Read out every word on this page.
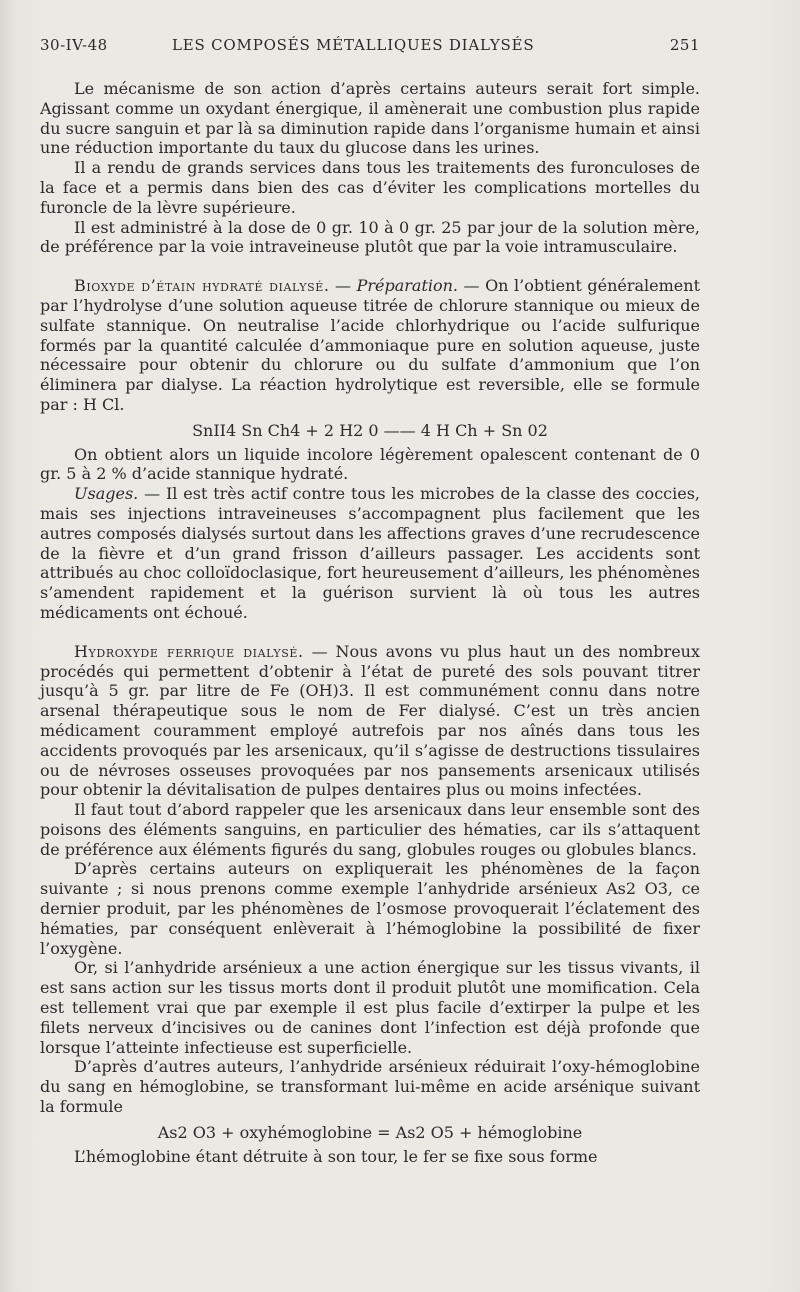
30-IV-48	LES COMPOSÉS MÉTALLIQUES DIALYSÉS	251

Le mécanisme de son action d’après certains auteurs serait fort simple. Agissant comme un oxydant énergique, il amènerait une combustion plus rapide du sucre sanguin et par là sa diminution rapide dans l’organisme humain et ainsi une réduction importante du taux du glucose dans les urines.

Il a rendu de grands services dans tous les traitements des furonculoses de la face et a permis dans bien des cas d’éviter les complications mortelles du furoncle de la lèvre supérieure.

Il est administré à la dose de 0 gr. 10 à 0 gr. 25 par jour de la solution mère, de préférence par la voie intraveineuse plutôt que par la voie intramusculaire.

Bioxyde d’étain hydraté dialysé. — Préparation. — On l’obtient généralement par l’hydrolyse d’une solution aqueuse titrée de chlorure stannique ou mieux de sulfate stannique. On neutralise l’acide chlorhydrique ou l’acide sulfurique formés par la quantité calculée d’ammoniaque pure en solution aqueuse, juste nécessaire pour obtenir du chlorure ou du sulfate d’ammonium que l’on éliminera par dialyse. La réaction hydrolytique est reversible, elle se formule par : H Cl.

SnII4 Sn Ch4 + 2 H2 0 —— 4 H Ch + Sn 02

On obtient alors un liquide incolore légèrement opalescent contenant de 0 gr. 5 à 2 % d’acide stannique hydraté.

Usages. — Il est très actif contre tous les microbes de la classe des coccies, mais ses injections intraveineuses s’accompagnent plus facilement que les autres composés dialysés surtout dans les affections graves d’une recrudescence de la fièvre et d’un grand frisson d’ailleurs passager. Les accidents sont attribués au choc colloïdoclasique, fort heureusement d’ailleurs, les phénomènes s’amendent rapidement et la guérison survient là où tous les autres médicaments ont échoué.

Hydroxyde ferrique dialysé. — Nous avons vu plus haut un des nombreux procédés qui permettent d’obtenir à l’état de pureté des sols pouvant titrer jusqu’à 5 gr. par litre de Fe (OH)3. Il est communément connu dans notre arsenal thérapeutique sous le nom de Fer dialysé. C’est un très ancien médicament couramment employé autrefois par nos aînés dans tous les accidents provoqués par les arsenicaux, qu’il s’agisse de destructions tissulaires ou de névroses osseuses provoquées par nos pansements arsenicaux utilisés pour obtenir la dévitalisation de pulpes dentaires plus ou moins infectées.

Il faut tout d’abord rappeler que les arsenicaux dans leur ensemble sont des poisons des éléments sanguins, en particulier des hématies, car ils s’attaquent de préférence aux éléments figurés du sang, globules rouges ou globules blancs.

D’après certains auteurs on expliquerait les phénomènes de la façon suivante ; si nous prenons comme exemple l’anhydride arsénieux As2 O3, ce dernier produit, par les phénomènes de l’osmose provoquerait l’éclatement des hématies, par conséquent enlèverait à l’hémoglobine la possibilité de fixer l’oxygène.

Or, si l’anhydride arsénieux a une action énergique sur les tissus vivants, il est sans action sur les tissus morts dont il produit plutôt une momification. Cela est tellement vrai que par exemple il est plus facile d’extirper la pulpe et les filets nerveux d’incisives ou de canines dont l’infection est déjà profonde que lorsque l’atteinte infectieuse est superficielle.

D’après d’autres auteurs, l’anhydride arsénieux réduirait l’oxy-hémoglobine du sang en hémoglobine, se transformant lui-même en acide arsénique suivant la formule

As2 O3 + oxyhémoglobine = As2 O5 + hémoglobine

L’hémoglobine étant détruite à son tour, le fer se fixe sous forme
